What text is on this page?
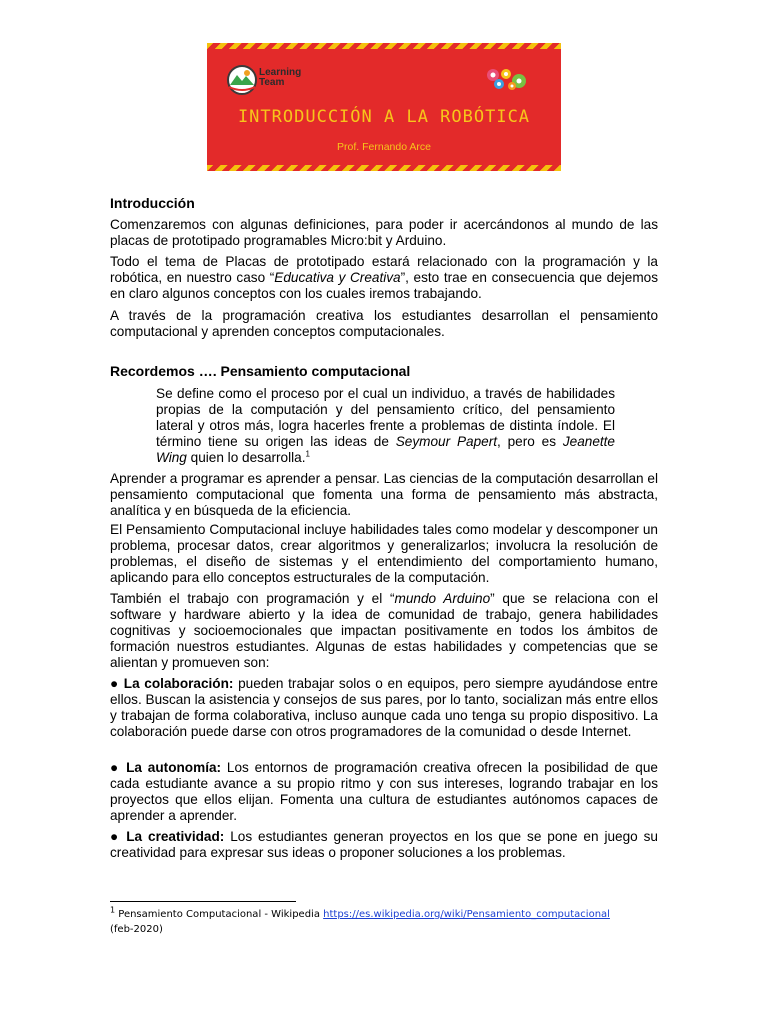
Learning
Team
INTRODUCCIÓN A LA ROBÓTICA
Prof. Fernando Arce
Introducción

Comenzaremos con algunas definiciones, para poder ir acercándonos al mundo de las placas de prototipado programables Micro:bit y Arduino.

Todo el tema de Placas de prototipado estará relacionado con la programación y la robótica, en nuestro caso “Educativa y Creativa”, esto trae en consecuencia que dejemos en claro algunos conceptos con los cuales iremos trabajando.

A través de la programación creativa los estudiantes desarrollan el pensamiento computacional y aprenden conceptos computacionales.

Recordemos …. Pensamiento computacional

Se define como el proceso por el cual un individuo, a través de habilidades propias de la computación y del pensamiento crítico, del pensamiento lateral y otros más, logra hacerles frente a problemas de distinta índole. El término tiene su origen las ideas de Seymour Papert, pero es Jeanette Wing quien lo desarrolla.$^1$

Aprender a programar es aprender a pensar. Las ciencias de la computación desarrollan el pensamiento computacional que fomenta una forma de pensamiento más abstracta, analítica y en búsqueda de la eficiencia.

El Pensamiento Computacional incluye habilidades tales como modelar y descomponer un problema, procesar datos, crear algoritmos y generalizarlos; involucra la resolución de problemas, el diseño de sistemas y el entendimiento del comportamiento humano, aplicando para ello conceptos estructurales de la computación.

También el trabajo con programación y el “mundo Arduino” que se relaciona con el software y hardware abierto y la idea de comunidad de trabajo, genera habilidades cognitivas y socioemocionales que impactan positivamente en todos los ámbitos de formación nuestros estudiantes. Algunas de estas habilidades y competencias que se alientan y promueven son:

● La colaboración: pueden trabajar solos o en equipos, pero siempre ayudándose entre ellos. Buscan la asistencia y consejos de sus pares, por lo tanto, socializan más entre ellos y trabajan de forma colaborativa, incluso aunque cada uno tenga su propio dispositivo. La colaboración puede darse con otros programadores de la comunidad o desde Internet.

● La autonomía: Los entornos de programación creativa ofrecen la posibilidad de que cada estudiante avance a su propio ritmo y con sus intereses, logrando trabajar en los proyectos que ellos elijan. Fomenta una cultura de estudiantes autónomos capaces de aprender a aprender.

● La creatividad: Los estudiantes generan proyectos en los que se pone en juego su creatividad para expresar sus ideas o proponer soluciones a los problemas.

$^1$ Pensamiento Computacional - Wikipedia https://es.wikipedia.org/wiki/Pensamiento_computacional
(feb-2020)
